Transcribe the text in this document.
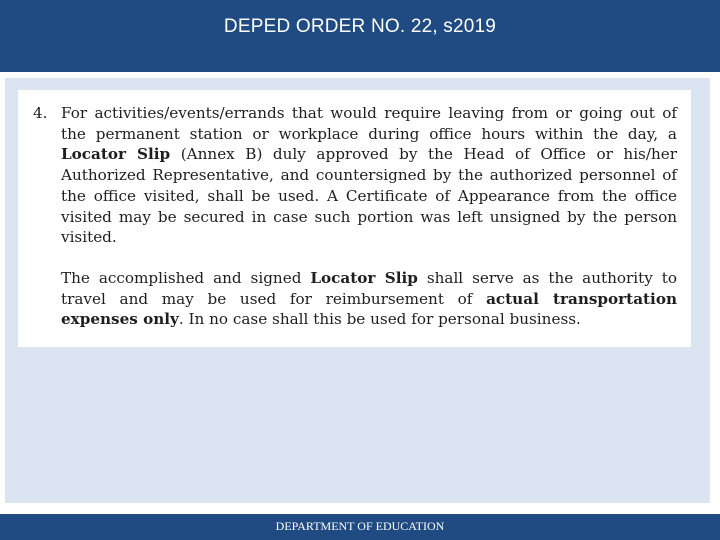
DEPED ORDER NO. 22, s2019
4. For activities/events/errands that would require leaving from or going out of the permanent station or workplace during office hours within the day, a Locator Slip (Annex B) duly approved by the Head of Office or his/her Authorized Representative, and countersigned by the authorized personnel of the office visited, shall be used. A Certificate of Appearance from the office visited may be secured in case such portion was left unsigned by the person visited.

The accomplished and signed Locator Slip shall serve as the authority to travel and may be used for reimbursement of actual transportation expenses only. In no case shall this be used for personal business.

DEPARTMENT OF EDUCATION
